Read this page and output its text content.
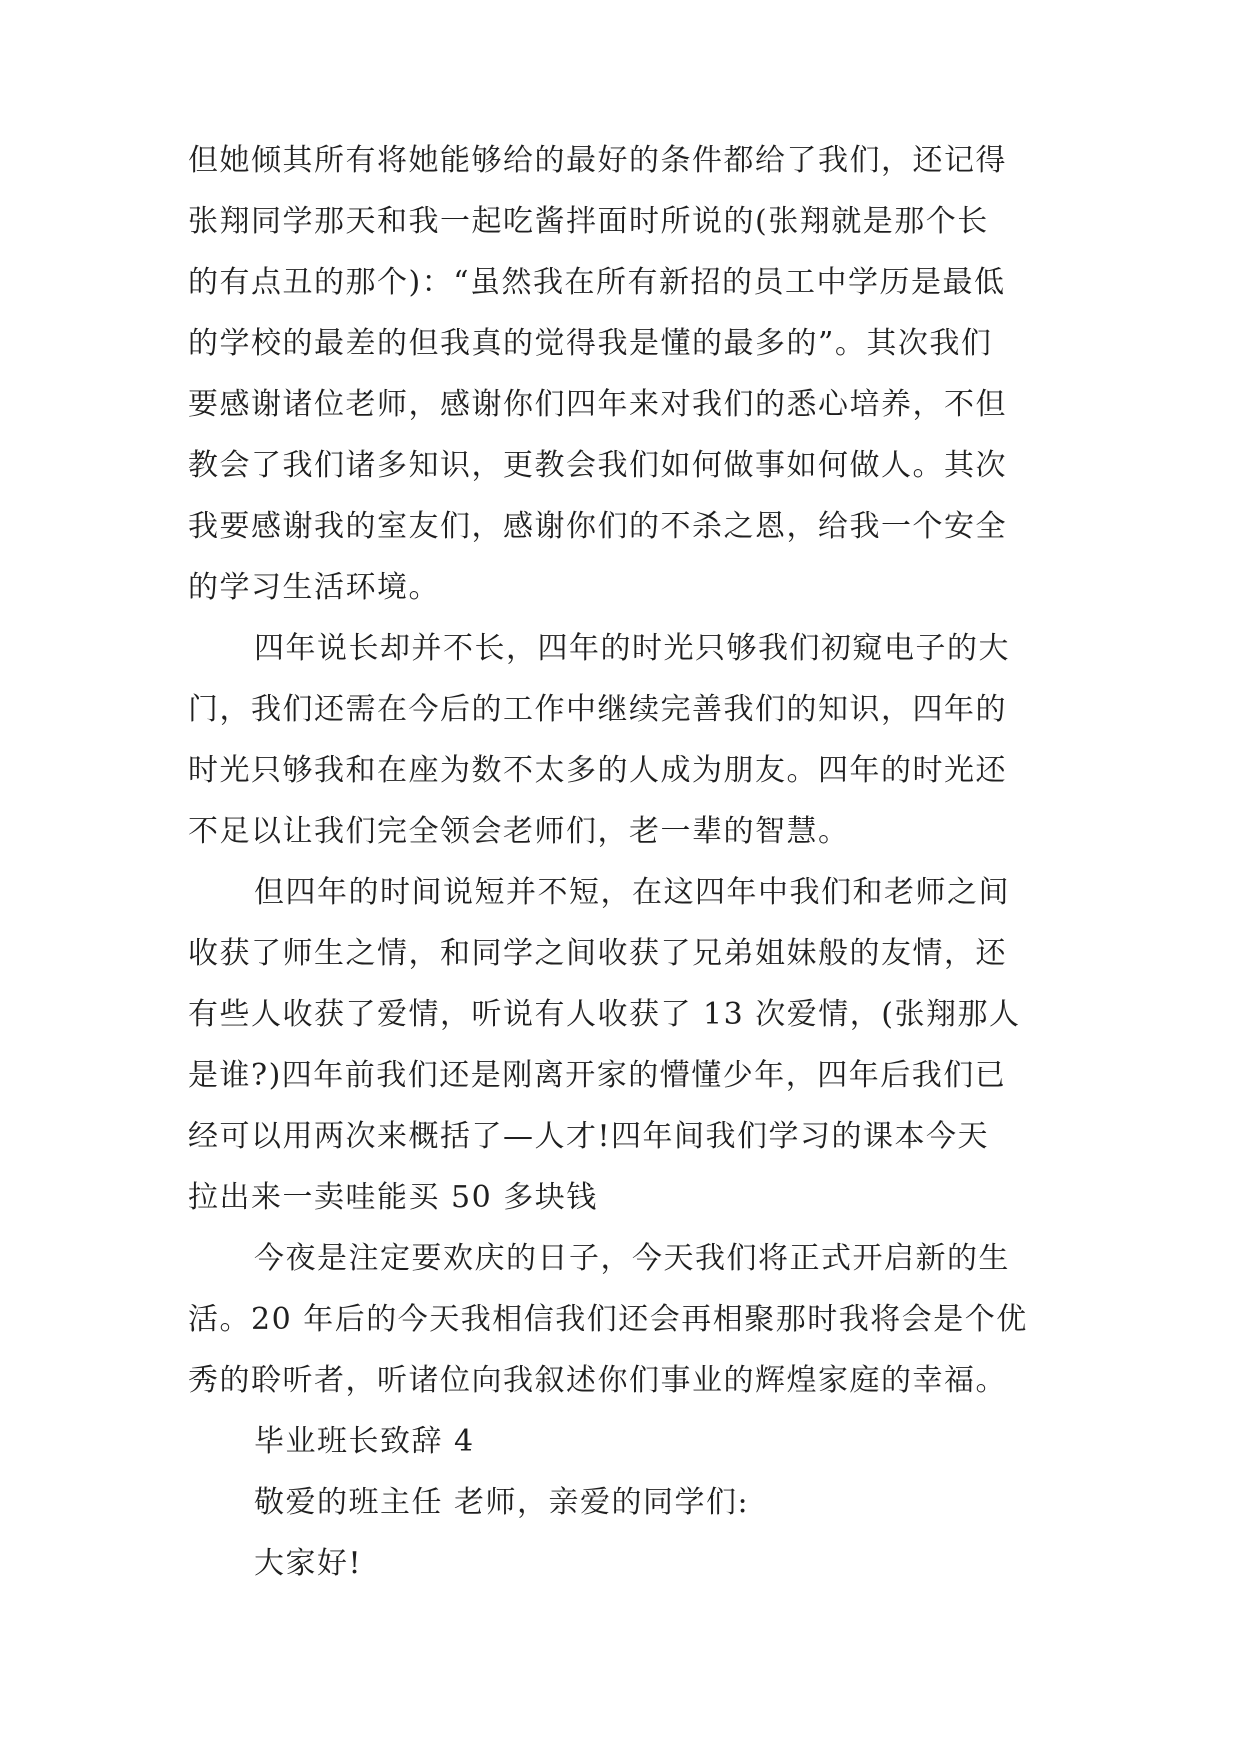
但她倾其所有将她能够给的最好的条件都给了我们，还记得
张翔同学那天和我一起吃酱拌面时所说的(张翔就是那个长
的有点丑的那个)：“虽然我在所有新招的员工中学历是最低
的学校的最差的但我真的觉得我是懂的最多的”。其次我们
要感谢诸位老师，感谢你们四年来对我们的悉心培养，不但
教会了我们诸多知识，更教会我们如何做事如何做人。其次
我要感谢我的室友们，感谢你们的不杀之恩，给我一个安全
的学习生活环境。
四年说长却并不长，四年的时光只够我们初窥电子的大
门，我们还需在今后的工作中继续完善我们的知识，四年的
时光只够我和在座为数不太多的人成为朋友。四年的时光还
不足以让我们完全领会老师们，老一辈的智慧。
但四年的时间说短并不短，在这四年中我们和老师之间
收获了师生之情，和同学之间收获了兄弟姐妹般的友情，还
有些人收获了爱情，听说有人收获了 13 次爱情，(张翔那人
是谁?)四年前我们还是刚离开家的懵懂少年，四年后我们已
经可以用两次来概括了—人才!四年间我们学习的课本今天
拉出来一卖哇能买 50 多块钱
今夜是注定要欢庆的日子，今天我们将正式开启新的生
活。20 年后的今天我相信我们还会再相聚那时我将会是个优
秀的聆听者，听诸位向我叙述你们事业的辉煌家庭的幸福。
毕业班长致辞 4
敬爱的班主任 老师，亲爱的同学们:
大家好!
